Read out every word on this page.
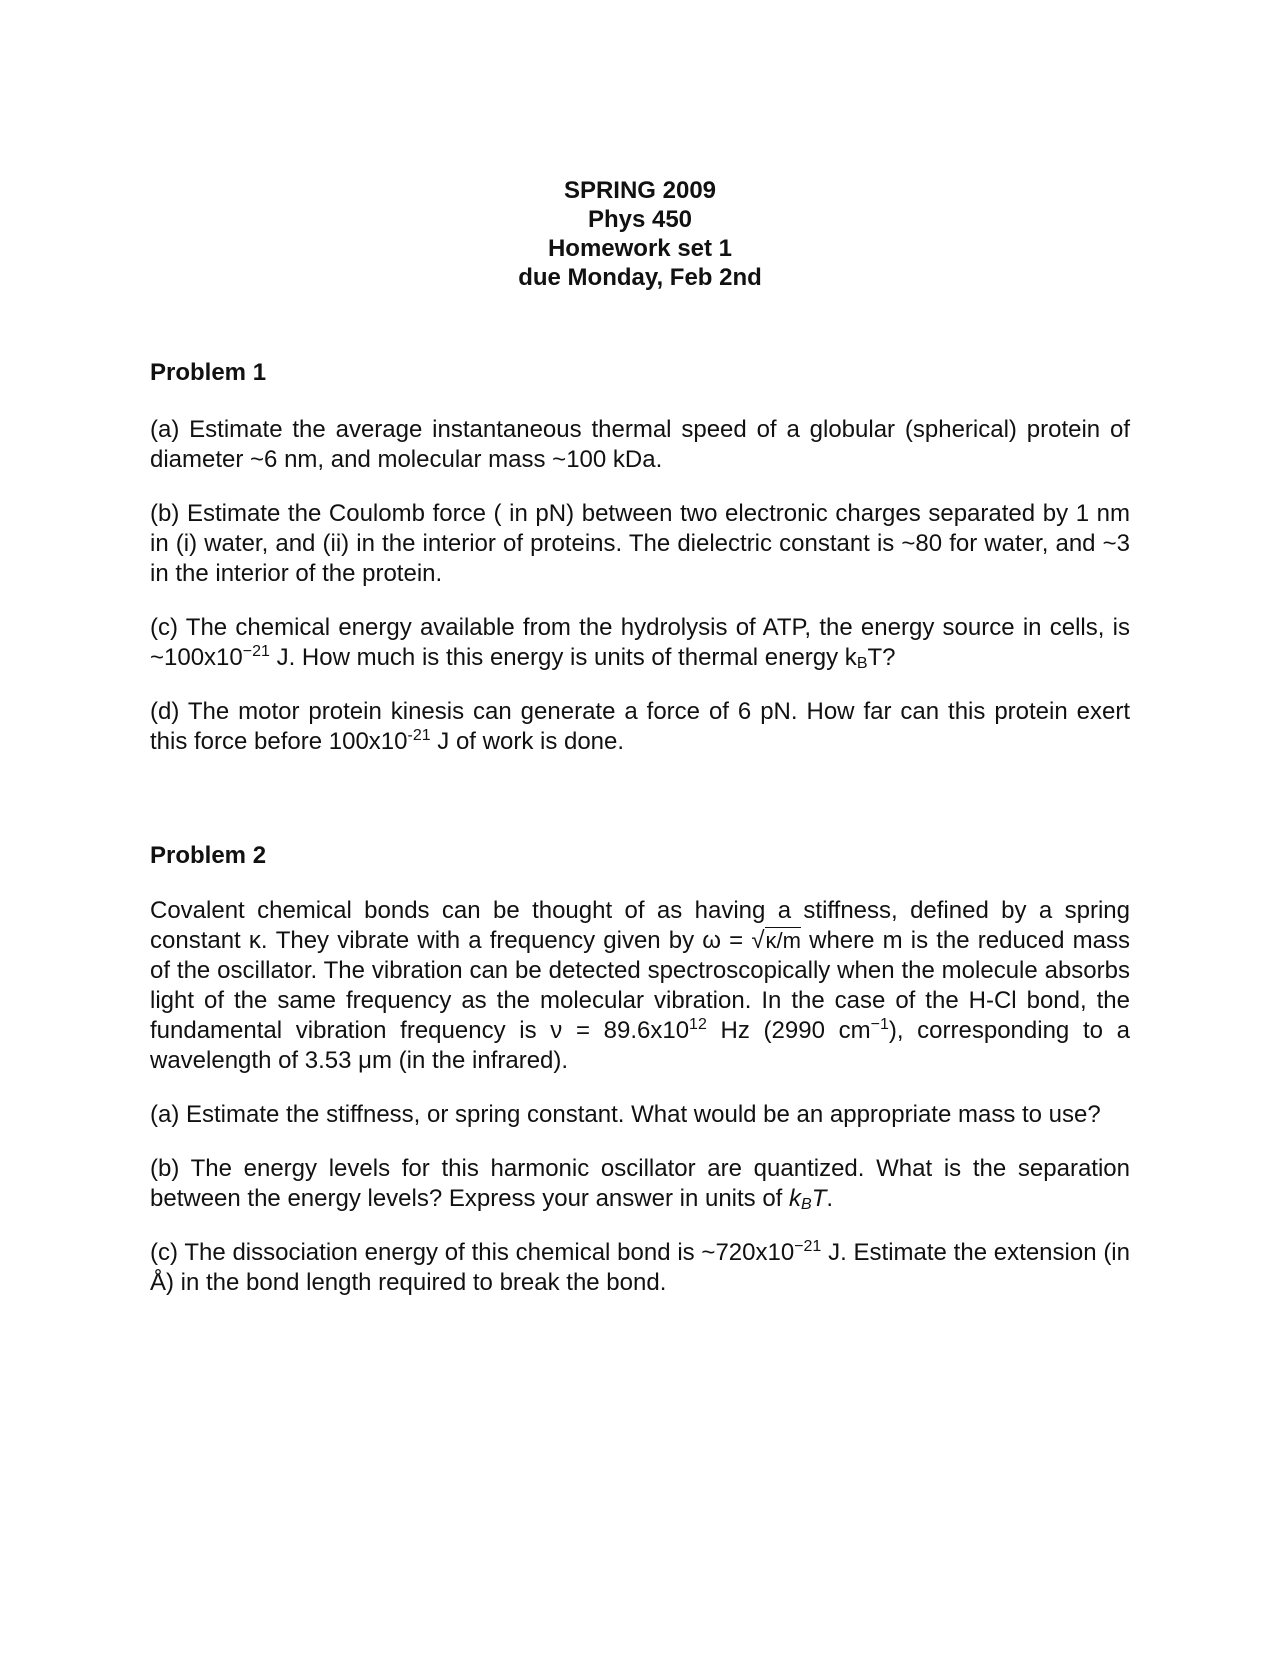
SPRING 2009
Phys 450
Homework set 1
due Monday, Feb 2nd
Problem 1

(a) Estimate the average instantaneous thermal speed of a globular (spherical) protein of diameter ~6 nm, and molecular mass ~100 kDa.

(b) Estimate the Coulomb force ( in pN) between two electronic charges separated by 1 nm in (i) water, and (ii) in the interior of proteins. The dielectric constant is ~80 for water, and ~3 in the interior of the protein.

(c) The chemical energy available from the hydrolysis of ATP, the energy source in cells, is $\sim 100x10^{-21}$ J. How much is this energy is units of thermal energy $k_BT$?

(d) The motor protein kinesis can generate a force of 6 pN. How far can this protein exert this force before $100x10^{-21}$ J of work is done.

Problem 2

Covalent chemical bonds can be thought of as having a stiffness, defined by a spring constant κ. They vibrate with a frequency given by ω = √κ/m where m is the reduced mass of the oscillator. The vibration can be detected spectroscopically when the molecule absorbs light of the same frequency as the molecular vibration. In the case of the H-Cl bond, the fundamental vibration frequency is $\nu = 89.6x10^{12}$ Hz (2990 $cm^{-1}$), corresponding to a wavelength of 3.53 μm (in the infrared).

(a) Estimate the stiffness, or spring constant. What would be an appropriate mass to use?

(b) The energy levels for this harmonic oscillator are quantized. What is the separation between the energy levels? Express your answer in units of $k_BT$.

(c) The dissociation energy of this chemical bond is $\sim 720x10^{-21}$ J. Estimate the extension (in Å) in the bond length required to break the bond.
